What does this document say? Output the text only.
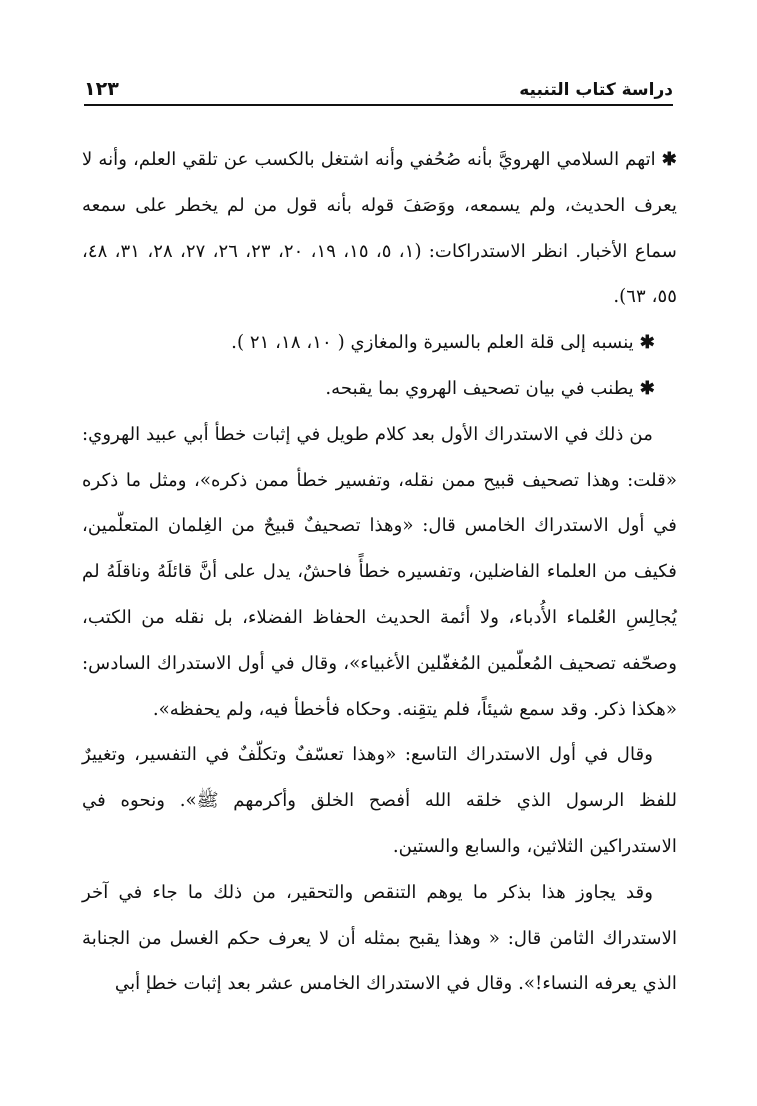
دراسة كتاب التنبيه
١٢٣

✱اتهم السلامي الهرويَّ بأنه صُحُفي وأنه اشتغل بالكسب عن تلقي العلم، وأنه لا يعرف الحديث، ولم يسمعه، ووَصَفَ قوله بأنه قول من لم يخطر على سمعه سماع الأخبار. انظر الاستدراكات: (١، ٥، ١٥، ١٩، ٢٠، ٢٣، ٢٦، ٢٧، ٢٨، ٣١، ٤٨، ٥٥، ٦٣).

✱ينسبه إلى قلة العلم بالسيرة والمغازي ( ١٠، ١٨، ٢١ ).

✱يطنب في بيان تصحيف الهروي بما يقبحه.

من ذلك في الاستدراك الأول بعد كلام طويل في إثبات خطأ أبي عبيد الهروي: «قلت: وهذا تصحيف قبيح ممن نقله، وتفسير خطأ ممن ذكره»، ومثل ما ذكره في أول الاستدراك الخامس قال: «وهذا تصحيفٌ قبيحٌ من الغِلمان المتعلّمين، فكيف من العلماء الفاضلين، وتفسيره خطأً فاحشٌ، يدل على أنَّ قائلَهُ وناقلَهُ لم يُجالِسِ العُلماء الأُدباء، ولا أئمة الحديث الحفاظ الفضلاء، بل نقله من الكتب، وصحّفه تصحيف المُعلّمين المُغفّلين الأغبياء»، وقال في أول الاستدراك السادس: «هكذا ذكر. وقد سمع شيئاً، فلم يتقِنه. وحكاه فأخطأ فيه، ولم يحفظه».

وقال في أول الاستدراك التاسع: «وهذا تعسّفٌ وتكلّفٌ في التفسير، وتغييرٌ للفظ الرسول الذي خلقه الله أفصح الخلق وأكرمهم ﷺ». ونحوه في الاستدراكين الثلاثين، والسابع والستين.

وقد يجاوز هذا بذكر ما يوهم التنقص والتحقير، من ذلك ما جاء في آخر الاستدراك الثامن قال: « وهذا يقبح بمثله أن لا يعرف حكم الغسل من الجنابة الذي يعرفه النساء!». وقال في الاستدراك الخامس عشر بعد إثبات خطإ أبي
